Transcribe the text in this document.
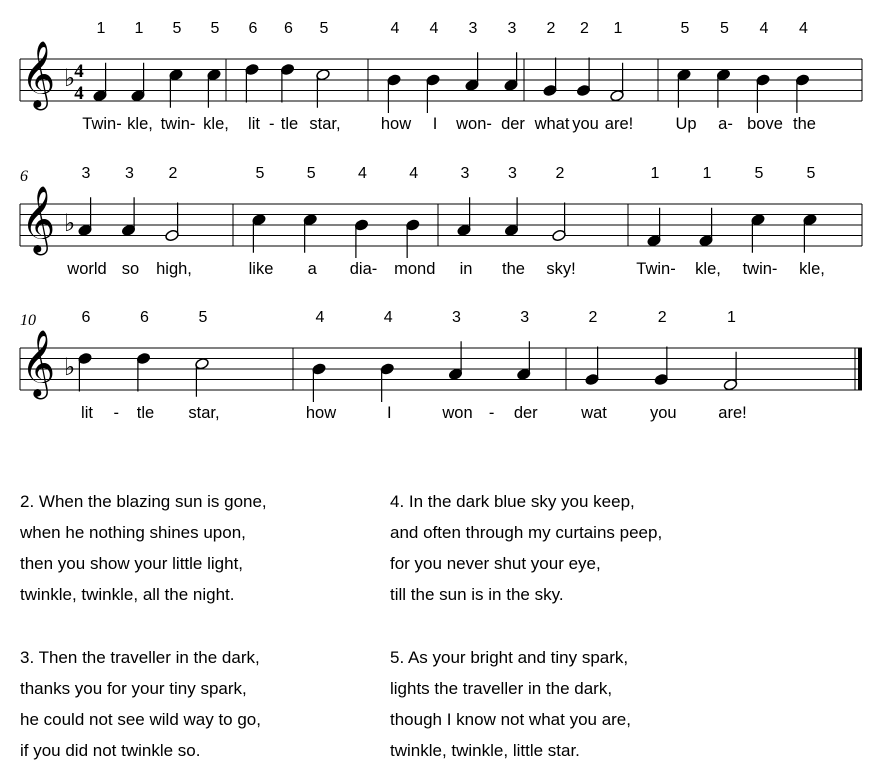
𝄞 ♭
4
4
1
Twin-
1
kle,
5
twin-
5
kle,
6
lit
6
tle
5
star,
-
4
how
4
I
3
won-
3
der
2
what
2
you
1
are!
5
Up
5
a-
4
bove
4
the
𝄞 ♭
6	3
world
3
so
2
high,
5
like
5
a
4
dia-
4
mond
3
in
3
the
2
sky!
1
Twin-
1
kle,
5
twin-
5
kle,
𝄞 ♭
10	6
lit
6
tle
5
star,
-
4
how
4
I
3
won
3
der
-
2
wat
2
you
1
are!
2. When the blazing sun is gone,
when he nothing shines upon,
then you show your little light,
twinkle, twinkle, all the night.
3. Then the traveller in the dark,
thanks you for your tiny spark,
he could not see wild way to go,
if you did not twinkle so.
4. In the dark blue sky you keep,
and often through my curtains peep,
for you never shut your eye,
till the sun is in the sky.
5. As your bright and tiny spark,
lights the traveller in the dark,
though I know not what you are,
twinkle, twinkle, little star.
